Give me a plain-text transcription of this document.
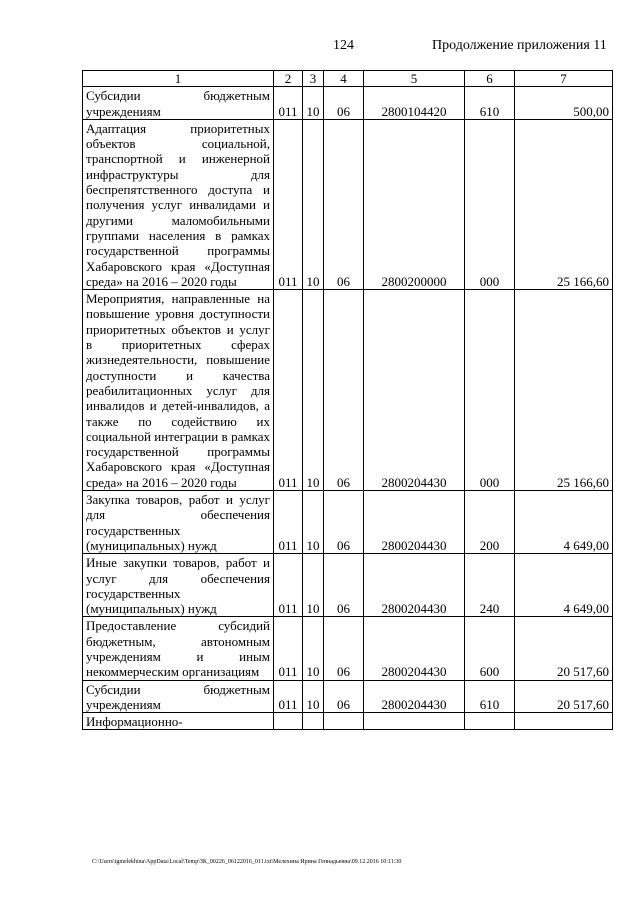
124	Продолжение приложения 11
1	2	3	4	5	6	7
Субсидии бюджетным учреждениям	011	10	06	2800104420	610	500,00
Адаптация приоритетных объектов социальной, транспортной и инженерной инфраструктуры для беспрепятственного доступа и получения услуг инвалидами и другими маломобильными группами населения в рамках государственной программы Хабаровского края «Доступная среда» на 2016 – 2020 годы	011	10	06	2800200000	000	25 166,60
Мероприятия, направленные на повышение уровня доступности приоритетных объектов и услуг в приоритетных сферах жизнедеятельности, повышение доступности и качества реабилитационных услуг для инвалидов и детей-инвалидов, а также по содействию их социальной интеграции в рамках государственной программы Хабаровского края «Доступная среда» на 2016 – 2020 годы	011	10	06	2800204430	000	25 166,60
Закупка товаров, работ и услуг для обеспечения государственных (муниципальных) нужд	011	10	06	2800204430	200	4 649,00
Иные закупки товаров, работ и услуг для обеспечения государственных (муниципальных) нужд	011	10	06	2800204430	240	4 649,00
Предоставление субсидий бюджетным, автономным учреждениям и иным некоммерческим организациям	011	10	06	2800204430	600	20 517,60
Субсидии бюджетным учреждениям	011	10	06	2800204430	610	20 517,60
Информационно-						
C:\Users\igmelekhina\AppData\Local\Temp\ЗК_00226_06122016_011.txt\Мелехина Ирина Геннадьевна\09.12.2016 10:11:30
